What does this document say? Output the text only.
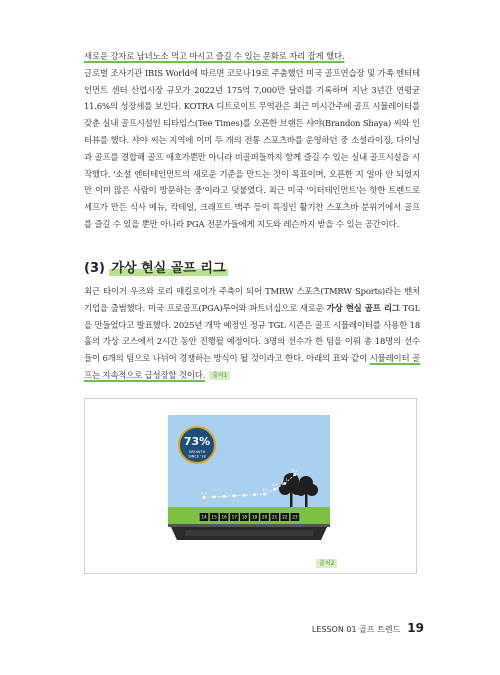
새로운 강자로 남녀노소 먹고 마시고 즐길 수 있는 문화로 자리 잡게 했다.
글로벌 조사기관 IBIS World에 따르면 코로나19로 주춤했던 미국 골프연습장 및 가족 엔터테인먼트 센터 산업시장 규모가 2022년 175억 7,000만 달러를 기록하며 지난 3년간 연평균 11.6%의 성장세를 보인다. KOTRA 디트로이트 무역관은 최근 미시간주에 골프 시뮬레이터를 갖춘 실내 골프시설인 티타임스(Tee Times)를 오픈한 브랜든 샤야(Brandon Shaya) 씨와 인터뷰를 했다. 샤야 씨는 지역에 이미 두 개의 전통 스포츠바를 운영하던 중 소셜라이징, 다이닝과 골프를 결합해 골프 애호가뿐만 아니라 비골퍼들까지 함께 즐길 수 있는 실내 골프시설을 시작했다. '소셜 엔터테인먼트의 새로운 기준을 만드는 것이 목표이며, 오픈한 지 얼마 안 되었지만 이미 많은 사람이 방문하는 중'이라고 덧붙였다. 최근 미국 '이터테인먼트'는 핫한 트렌드로 셰프가 만든 식사 메뉴, 칵테일, 크래프트 맥주 등이 특징인 활기찬 스포츠바 분위기에서 골프를 즐길 수 있을 뿐만 아니라 PGA 전문가들에게 지도와 레슨까지 받을 수 있는 공간이다.

(3) 가상 현실 골프 리그

최근 타이거 우즈와 로리 매킬로이가 주축이 되어 TMRW 스포츠(TMRW Sports)라는 벤처기업을 출범했다. 미국 프로골프(PGA)투어와 파트너십으로 새로운 가상 현실 골프 리그 TGL을 만들었다고 발표했다. 2025년 개막 예정인 정규 TGL 시즌은 골프 시뮬레이터를 사용한 18홀의 가상 코스에서 2시간 동안 진행될 예정이다. 3명의 선수가 한 팀을 이뤄 총 18명의 선수들이 6개의 팀으로 나뉘어 경쟁하는 방식이 될 것이라고 한다. 아래의 표와 같이 시뮬레이터 골프는 지속적으로 급성장할 것이다. 출처1

73%
GROWTH
SINCE '18
14 15 16 17 18 19 20 21 22 23
3.4
3.8
4.4
5.1
6.2
출처2
LESSON 01 골프 트렌드 19
